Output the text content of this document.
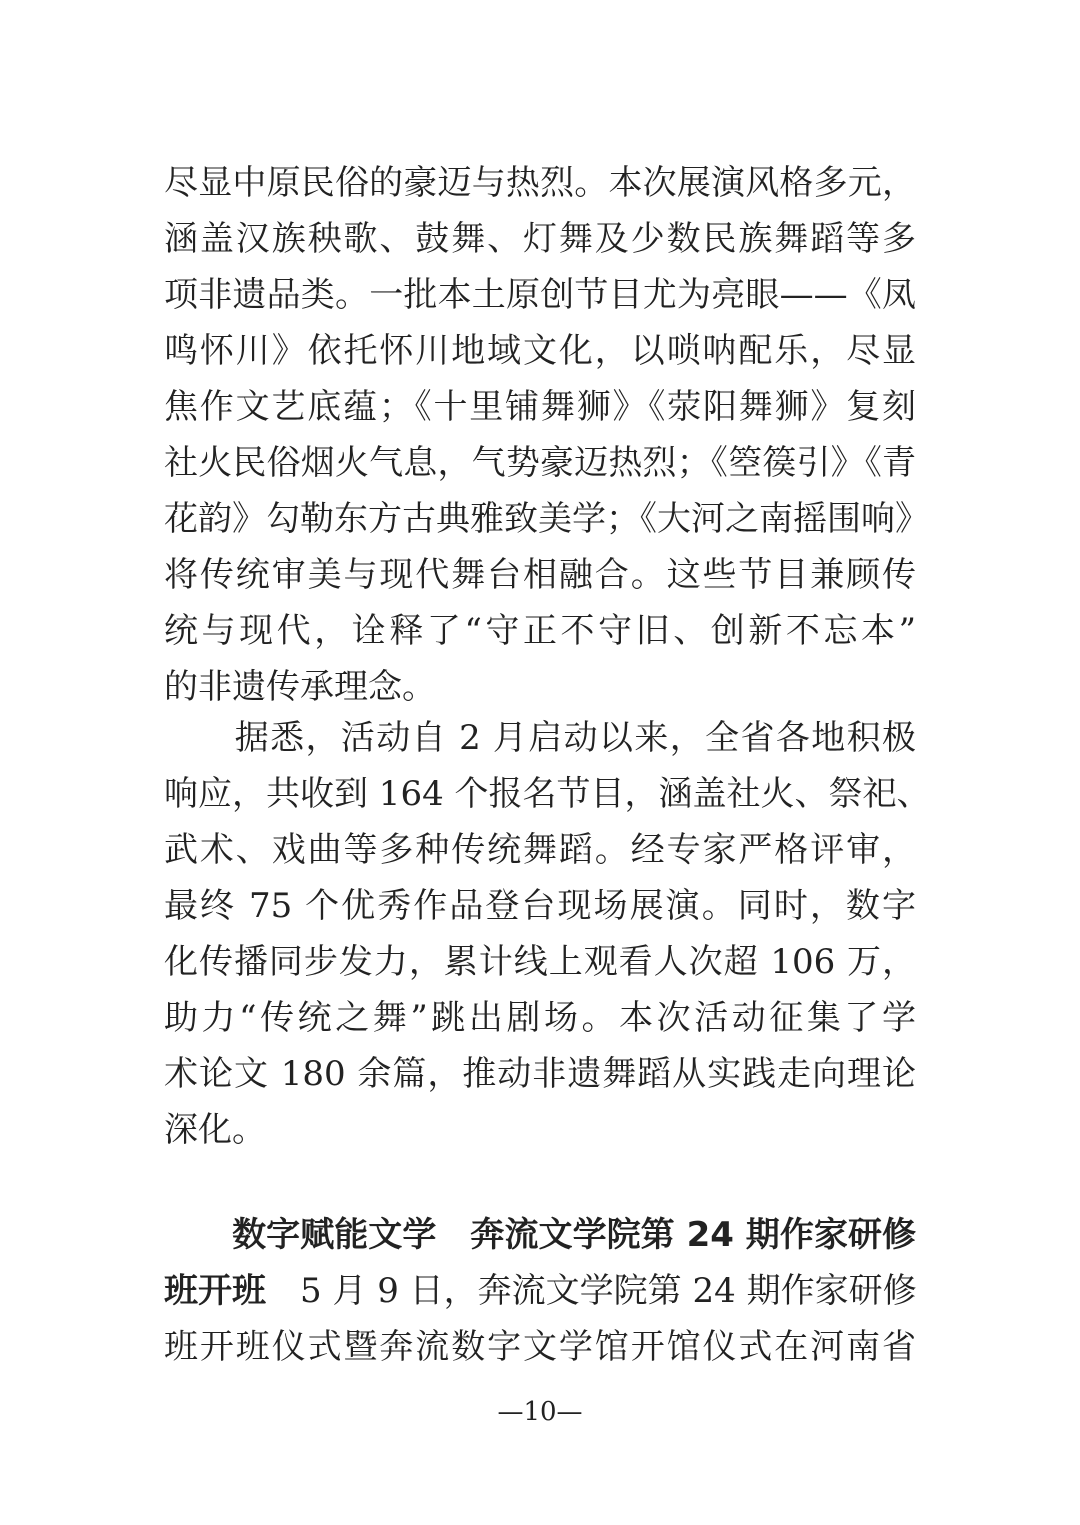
尽显中原民俗的豪迈与热烈。本次展演风格多元，
涵盖汉族秧歌、鼓舞、灯舞及少数民族舞蹈等多
项非遗品类。一批本土原创节目尤为亮眼——《凤
鸣怀川》依托怀川地域文化，以唢呐配乐，尽显
焦作文艺底蕴；《十里铺舞狮》《荥阳舞狮》复刻
社火民俗烟火气息，气势豪迈热烈；《箜篌引》《青
花韵》勾勒东方古典雅致美学；《大河之南摇围响》
将传统审美与现代舞台相融合。这些节目兼顾传
统与现代，诠释了“守正不守旧、创新不忘本”
的非遗传承理念。
　　据悉，活动自 2 月启动以来，全省各地积极
响应，共收到 164 个报名节目，涵盖社火、祭祀、
武术、戏曲等多种传统舞蹈。经专家严格评审，
最终 75 个优秀作品登台现场展演。同时，数字
化传播同步发力，累计线上观看人次超 106 万，
助力“传统之舞”跳出剧场。本次活动征集了学
术论文 180 余篇，推动非遗舞蹈从实践走向理论
深化。
　　数字赋能文学　奔流文学院第 24 期作家研修
班开班　5 月 9 日，奔流文学院第 24 期作家研修
班开班仪式暨奔流数字文学馆开馆仪式在河南省
—10—
